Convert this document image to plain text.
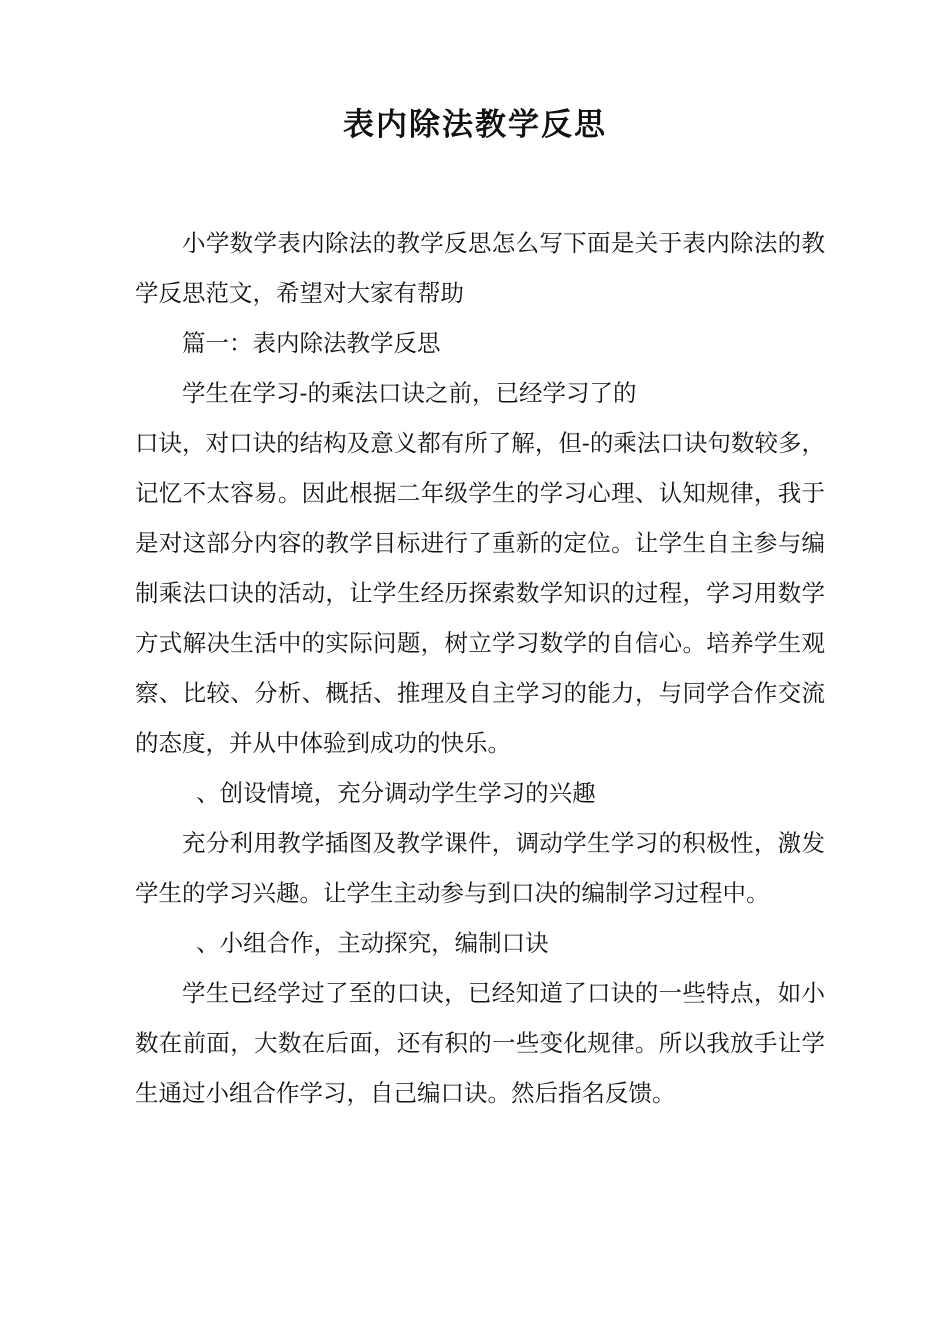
表内除法教学反思

小学数学表内除法的教学反思怎么写下面是关于表内除法的教学反思范文，希望对大家有帮助

篇一：表内除法教学反思

学生在学习-的乘法口诀之前，已经学习了的

口诀，对口诀的结构及意义都有所了解，但-的乘法口诀句数较多，记忆不太容易。因此根据二年级学生的学习心理、认知规律，我于是对这部分内容的教学目标进行了重新的定位。让学生自主参与编制乘法口诀的活动，让学生经历探索数学知识的过程，学习用数学方式解决生活中的实际问题，树立学习数学的自信心。培养学生观察、比较、分析、概括、推理及自主学习的能力，与同学合作交流的态度，并从中体验到成功的快乐。

、创设情境，充分调动学生学习的兴趣

充分利用教学插图及教学课件，调动学生学习的积极性，激发学生的学习兴趣。让学生主动参与到口决的编制学习过程中。

、小组合作，主动探究，编制口诀

学生已经学过了至的口诀，已经知道了口诀的一些特点，如小数在前面，大数在后面，还有积的一些变化规律。所以我放手让学生通过小组合作学习，自己编口诀。然后指名反馈。
